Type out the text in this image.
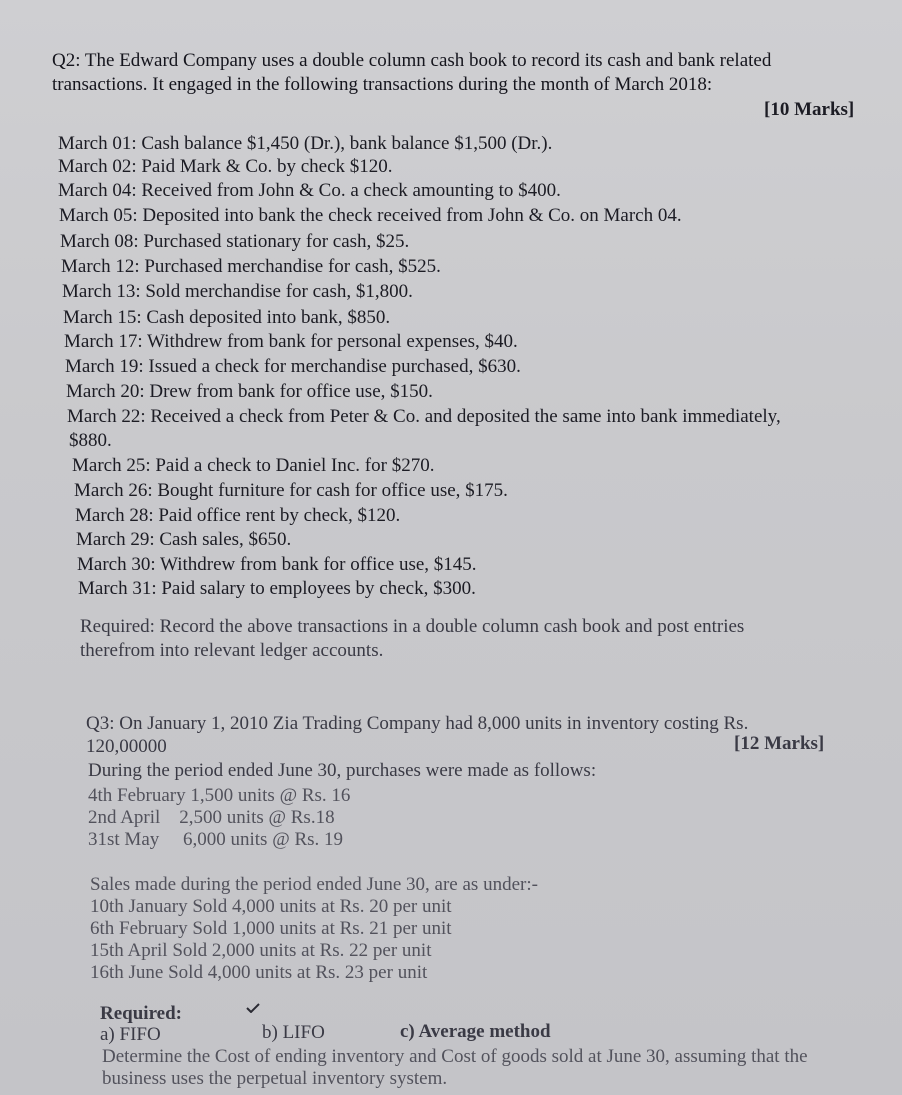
Q2: The Edward Company uses a double column cash book to record its cash and bank related
transactions. It engaged in the following transactions during the month of March 2018:
[10 Marks]
March 01: Cash balance $1,450 (Dr.), bank balance $1,500 (Dr.).
March 02: Paid Mark & Co. by check $120.
March 04: Received from John & Co. a check amounting to $400.
March 05: Deposited into bank the check received from John & Co. on March 04.
March 08: Purchased stationary for cash, $25.
March 12: Purchased merchandise for cash, $525.
March 13: Sold merchandise for cash, $1,800.
March 15: Cash deposited into bank, $850.
March 17: Withdrew from bank for personal expenses, $40.
March 19: Issued a check for merchandise purchased, $630.
March 20: Drew from bank for office use, $150.
March 22: Received a check from Peter & Co. and deposited the same into bank immediately,
$880.
March 25: Paid a check to Daniel Inc. for $270.
March 26: Bought furniture for cash for office use, $175.
March 28: Paid office rent by check, $120.
March 29: Cash sales, $650.
March 30: Withdrew from bank for office use, $145.
March 31: Paid salary to employees by check, $300.
Required: Record the above transactions in a double column cash book and post entries
therefrom into relevant ledger accounts.
Q3: On January 1, 2010 Zia Trading Company had 8,000 units in inventory costing Rs.
120,00000	[12 Marks]
During the period ended June 30, purchases were made as follows:
4th February 1,500 units @ Rs. 16
2nd April    2,500 units @ Rs.18
31st May     6,000 units @ Rs. 19
Sales made during the period ended June 30, are as under:-
10th January Sold 4,000 units at Rs. 20 per unit
6th February Sold 1,000 units at Rs. 21 per unit
15th April Sold 2,000 units at Rs. 22 per unit
16th June Sold 4,000 units at Rs. 23 per unit
Required:
a) FIFO	b) LIFO	c) Average method
Determine the Cost of ending inventory and Cost of goods sold at June 30, assuming that the
business uses the perpetual inventory system.
